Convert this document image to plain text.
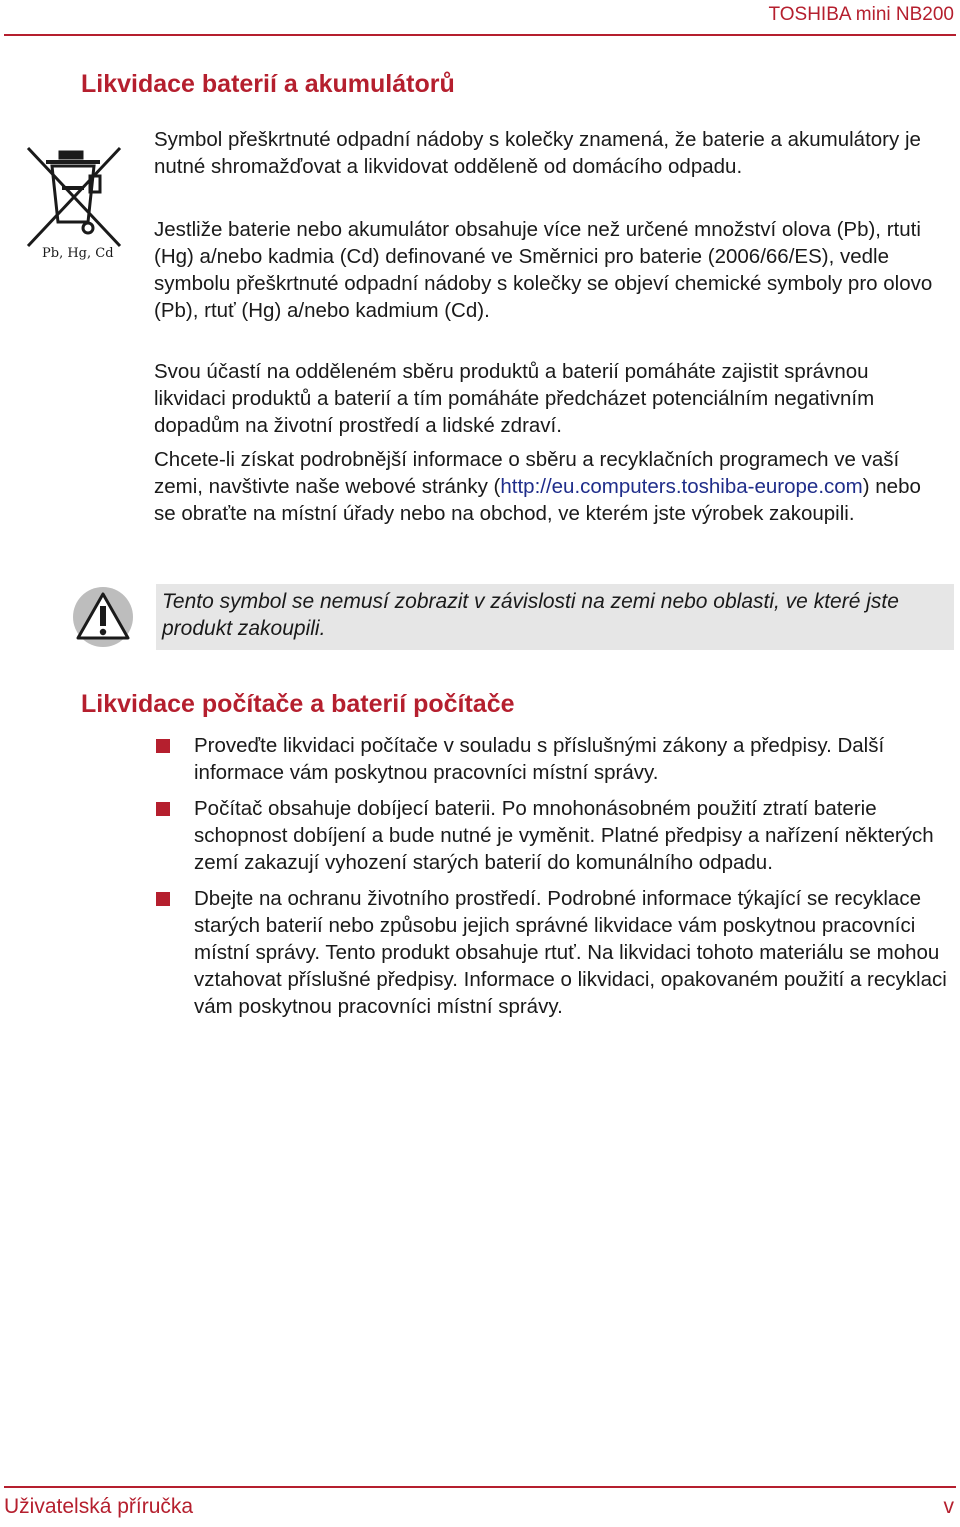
TOSHIBA mini NB200
Likvidace baterií a akumulátorů
Pb, Hg, Cd

Symbol přeškrtnuté odpadní nádoby s kolečky znamená, že baterie a akumulátory je nutné shromažďovat a likvidovat odděleně od domácího odpadu.

Jestliže baterie nebo akumulátor obsahuje více než určené množství olova (Pb), rtuti (Hg) a/nebo kadmia (Cd) definované ve Směrnici pro baterie (2006/66/ES), vedle symbolu přeškrtnuté odpadní nádoby s kolečky se objeví chemické symboly pro olovo (Pb), rtuť (Hg) a/nebo kadmium (Cd).

Svou účastí na odděleném sběru produktů a baterií pomáháte zajistit správnou likvidaci produktů a baterií a tím pomáháte předcházet potenciálním negativním dopadům na životní prostředí a lidské zdraví.

Chcete-li získat podrobnější informace o sběru a recyklačních programech ve vaší zemi, navštivte naše webové stránky (http://eu.computers.toshiba-europe.com) nebo se obraťte na místní úřady nebo na obchod, ve kterém jste výrobek zakoupili.

Tento symbol se nemusí zobrazit v závislosti na zemi nebo oblasti, ve které jste produkt zakoupili.

Likvidace počítače a baterií počítače
Proveďte likvidaci počítače v souladu s příslušnými zákony a předpisy. Další informace vám poskytnou pracovníci místní správy.
Počítač obsahuje dobíjecí baterii. Po mnohonásobném použití ztratí baterie schopnost dobíjení a bude nutné je vyměnit. Platné předpisy a nařízení některých zemí zakazují vyhození starých baterií do komunálního odpadu.
Dbejte na ochranu životního prostředí. Podrobné informace týkající se recyklace starých baterií nebo způsobu jejich správné likvidace vám poskytnou pracovníci místní správy. Tento produkt obsahuje rtuť. Na likvidaci tohoto materiálu se mohou vztahovat příslušné předpisy. Informace o likvidaci, opakovaném použití a recyklaci vám poskytnou pracovníci místní správy.
Uživatelská příručka	v
